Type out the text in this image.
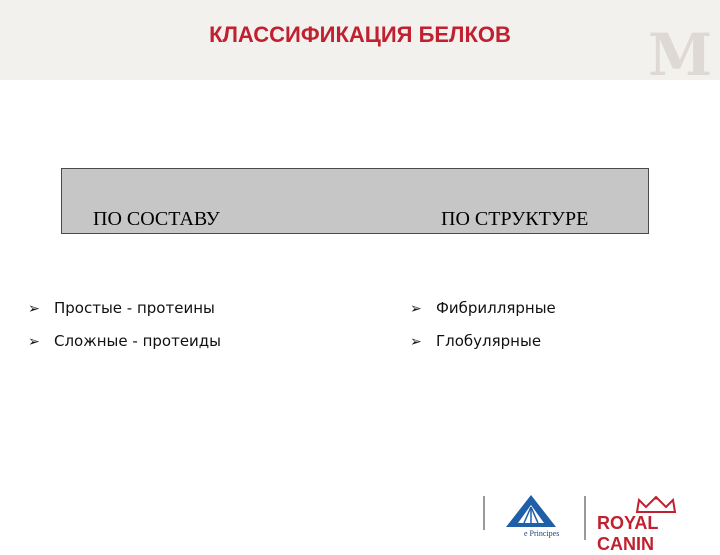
M
КЛАССИФИКАЦИЯ БЕЛКОВ
ПО СОСТАВУ	ПО СТРУКТУРЕ
➢ Простые - протеины
➢ Сложные - протеиды
➢ Фибриллярные
➢ Глобулярные
e Principes
ROYAL CANIN
